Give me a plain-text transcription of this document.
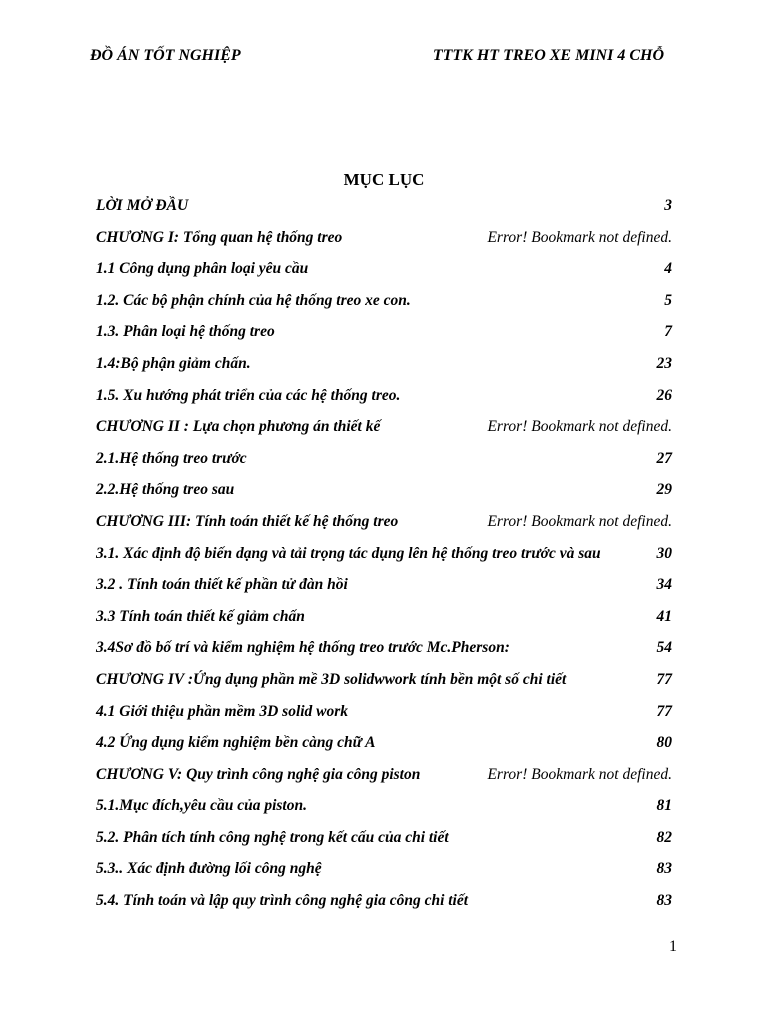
ĐỒ ÁN TỐT NGHIỆP	TTTK HT TREO XE MINI 4 CHỖ
MỤC LỤC
LỜI MỞ ĐẦU	3
CHƯƠNG I: Tổng quan hệ thống treo	Error! Bookmark not defined.
1.1 Công dụng phân loại yêu cầu	4
1.2. Các bộ phận chính của hệ thống treo xe con.	5
1.3. Phân loại hệ thống treo	7
1.4:Bộ phận giảm chấn.	23
1.5. Xu hướng phát triển của các hệ thống treo.	26
CHƯƠNG II : Lựa chọn phương án thiết kế	Error! Bookmark not defined.
2.1.Hệ thống treo trước	27
2.2.Hệ thống treo sau	29
CHƯƠNG III: Tính toán thiết kế hệ thống treo	Error! Bookmark not defined.
3.1. Xác định độ biến dạng và tải trọng tác dụng lên hệ thống treo trước và sau	30
3.2 . Tính toán thiết kế phần tử đàn hồi	34
3.3 Tính toán thiết kế giảm chấn	41
3.4Sơ đồ bố trí và kiểm nghiệm hệ thống treo trước Mc.Pherson:	54
CHƯƠNG IV :Ứng dụng phần mề 3D solidwwork tính bền một số chi tiết	77
4.1 Giới thiệu phần mềm 3D solid work	77
4.2 Ứng dụng kiểm nghiệm bền càng chữ A	80
CHƯƠNG V: Quy trình công nghệ gia công piston	Error! Bookmark not defined.
5.1.Mục đích,yêu cầu của piston.	81
5.2. Phân tích tính công nghệ trong kết cấu của chi tiết	82
5.3.. Xác định đường lối công nghệ	83
5.4. Tính toán và lập quy trình công nghệ gia công chi tiết	83
1
